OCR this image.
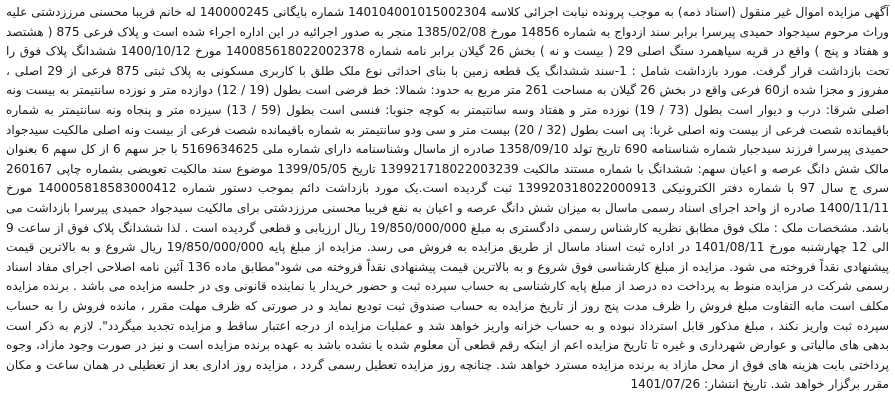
آگهی مزایده اموال غیر منقول (اسناد ذمه) به موجب پرونده نیابت اجرائی کلاسه 140104001015002304 شماره بایگانی 140000245 له خانم فریبا محسنی مرززدشتی علیه وراث مرحوم سیدجواد حمیدی پیرسرا برابر سند ازدواج به شماره 14856 مورخ 1385/02/08 منجر به صدور اجرائیه در این اداره اجراء شده است و پلاک فرعی 875 ( هشتصد و هفتاد و پنج ) واقع در قریه سیاهمرد سنگ اصلی 29 ( بیست و نه ) بخش 26 گیلان برابر نامه شماره 140085618022002378 مورخ 1400/10/12 ششدانگ پلاک فوق را تحت بازداشت قرار گرفت. مورد بازداشت شامل : 1-سند ششدانگ یک قطعه زمین با بنای احداثی نوع ملک طلق با کاربری مسکونی به پلاک ثبتی 875 فرعی از 29 اصلی ، مفروز و مجزا شده از60 فرعی واقع در بخش 26 گیلان به مساحت 261 متر مربع به حدود: شمالا: خط فرضی است بطول (19 / 12) دوازده متر و نوزده سانتیمتر به بیست ونه اصلی شرقا: درب و دیوار است بطول (73 / 19) نوزده متر و هفتاد وسه سانتیمتر به کوچه جنوبا: فنسی است بطول (59 / 13) سیزده متر و پنجاه ونه سانتیمتر به شماره باقیمانده شصت فرعی از بیست ونه اصلی غربا: پی است بطول (32 / 20) بیست متر و سی ودو سانتیمتر به شماره باقیمانده شصت فرعی از بیست ونه اصلی مالکیت سیدجواد حمیدی پیرسرا فرزند سیدجبار شماره شناسنامه 690 تاریخ تولد 1358/09/10 صادره از ماسال وشناسنامه دارای شماره ملی 5169634625 با جز سهم 6 از کل سهم 6 بعنوان مالک شش دانگ عرصه و اعیان سهم: ششدانگ با شماره مستند مالکیت 139921718022003239 تاریخ 1399/05/05 موضوع سند مالکیت تعویضی بشماره چاپی 260167 سری ج سال 97 با شماره دفتر الکترونیکی 139920318022000913 ثبت گردیده است.یک مورد بازداشت دائم بموجب دستور شماره 140005818583000412 مورخ 1400/11/11 صادره از واحد اجرای اسناد رسمی ماسال به میزان شش دانگ عرصه و اعیان به نفع فریبا محسنی مرززدشتی برای مالکیت سیدجواد حمیدی پیرسرا بازداشت می باشد. مشخصات ملک : ملک فوق مطابق نظریه کارشناس رسمی دادگستری به مبلغ 19/850/000/000 ریال ارزیابی و قطعی گردیده است . لذا ششدانگ پلاک فوق از ساعت 9 الی 12 چهارشنبه مورخ 1401/08/11 در اداره ثبت اسناد ماسال از طریق مزایده به فروش می رسد. مزایده از مبلغ پایه 19/850/000/000 ریال شروع و به بالاترین قیمت پیشنهادی نقداً فروخته می شود. مزایده از مبلغ کارشناسی فوق شروع و به بالاترین قیمت پیشنهادی نقداً فروخته می شود"مطابق ماده 136 آئین نامه اصلاحی اجرای مفاد اسناد رسمی شرکت در مزایده منوط به پرداخت ده درصد از مبلغ پایه کارشناسی به حساب سپرده ثبت و حضور خریدار یا نماینده قانونی وی در جلسه مزایده می باشد . برنده مزایده مکلف است مابه التفاوت مبلغ فروش را ظرف مدت پنج روز از تاریخ مزایده به حساب صندوق ثبت تودیع نماید و در صورتی که ظرف مهلت مقرر ، مانده فروش را به حساب سپرده ثبت واریز نکند ، مبلغ مذکور قابل استرداد نبوده و به حساب خزانه واریز خواهد شد و عملیات مزایده از درجه اعتبار ساقط و مزایده تجدید میگردد". لازم به ذکر است بدهی های مالیاتی و عوارض شهرداری و غیره تا تاریخ مزایده اعم از اینکه رقم قطعی آن معلوم شده یا نشده باشد به عهده برنده مزایده است و نیز در صورت وجود مازاد، وجوه پرداختی بابت هزینه های فوق از محل مازاد به برنده مزایده مسترد خواهد شد. چنانچه روز مزایده تعطیل رسمی گردد ، مزایده روز اداری بعد از تعطیلی در همان ساعت و مکان مقرر برگزار خواهد شد. تاریخ انتشار: 1401/07/26
